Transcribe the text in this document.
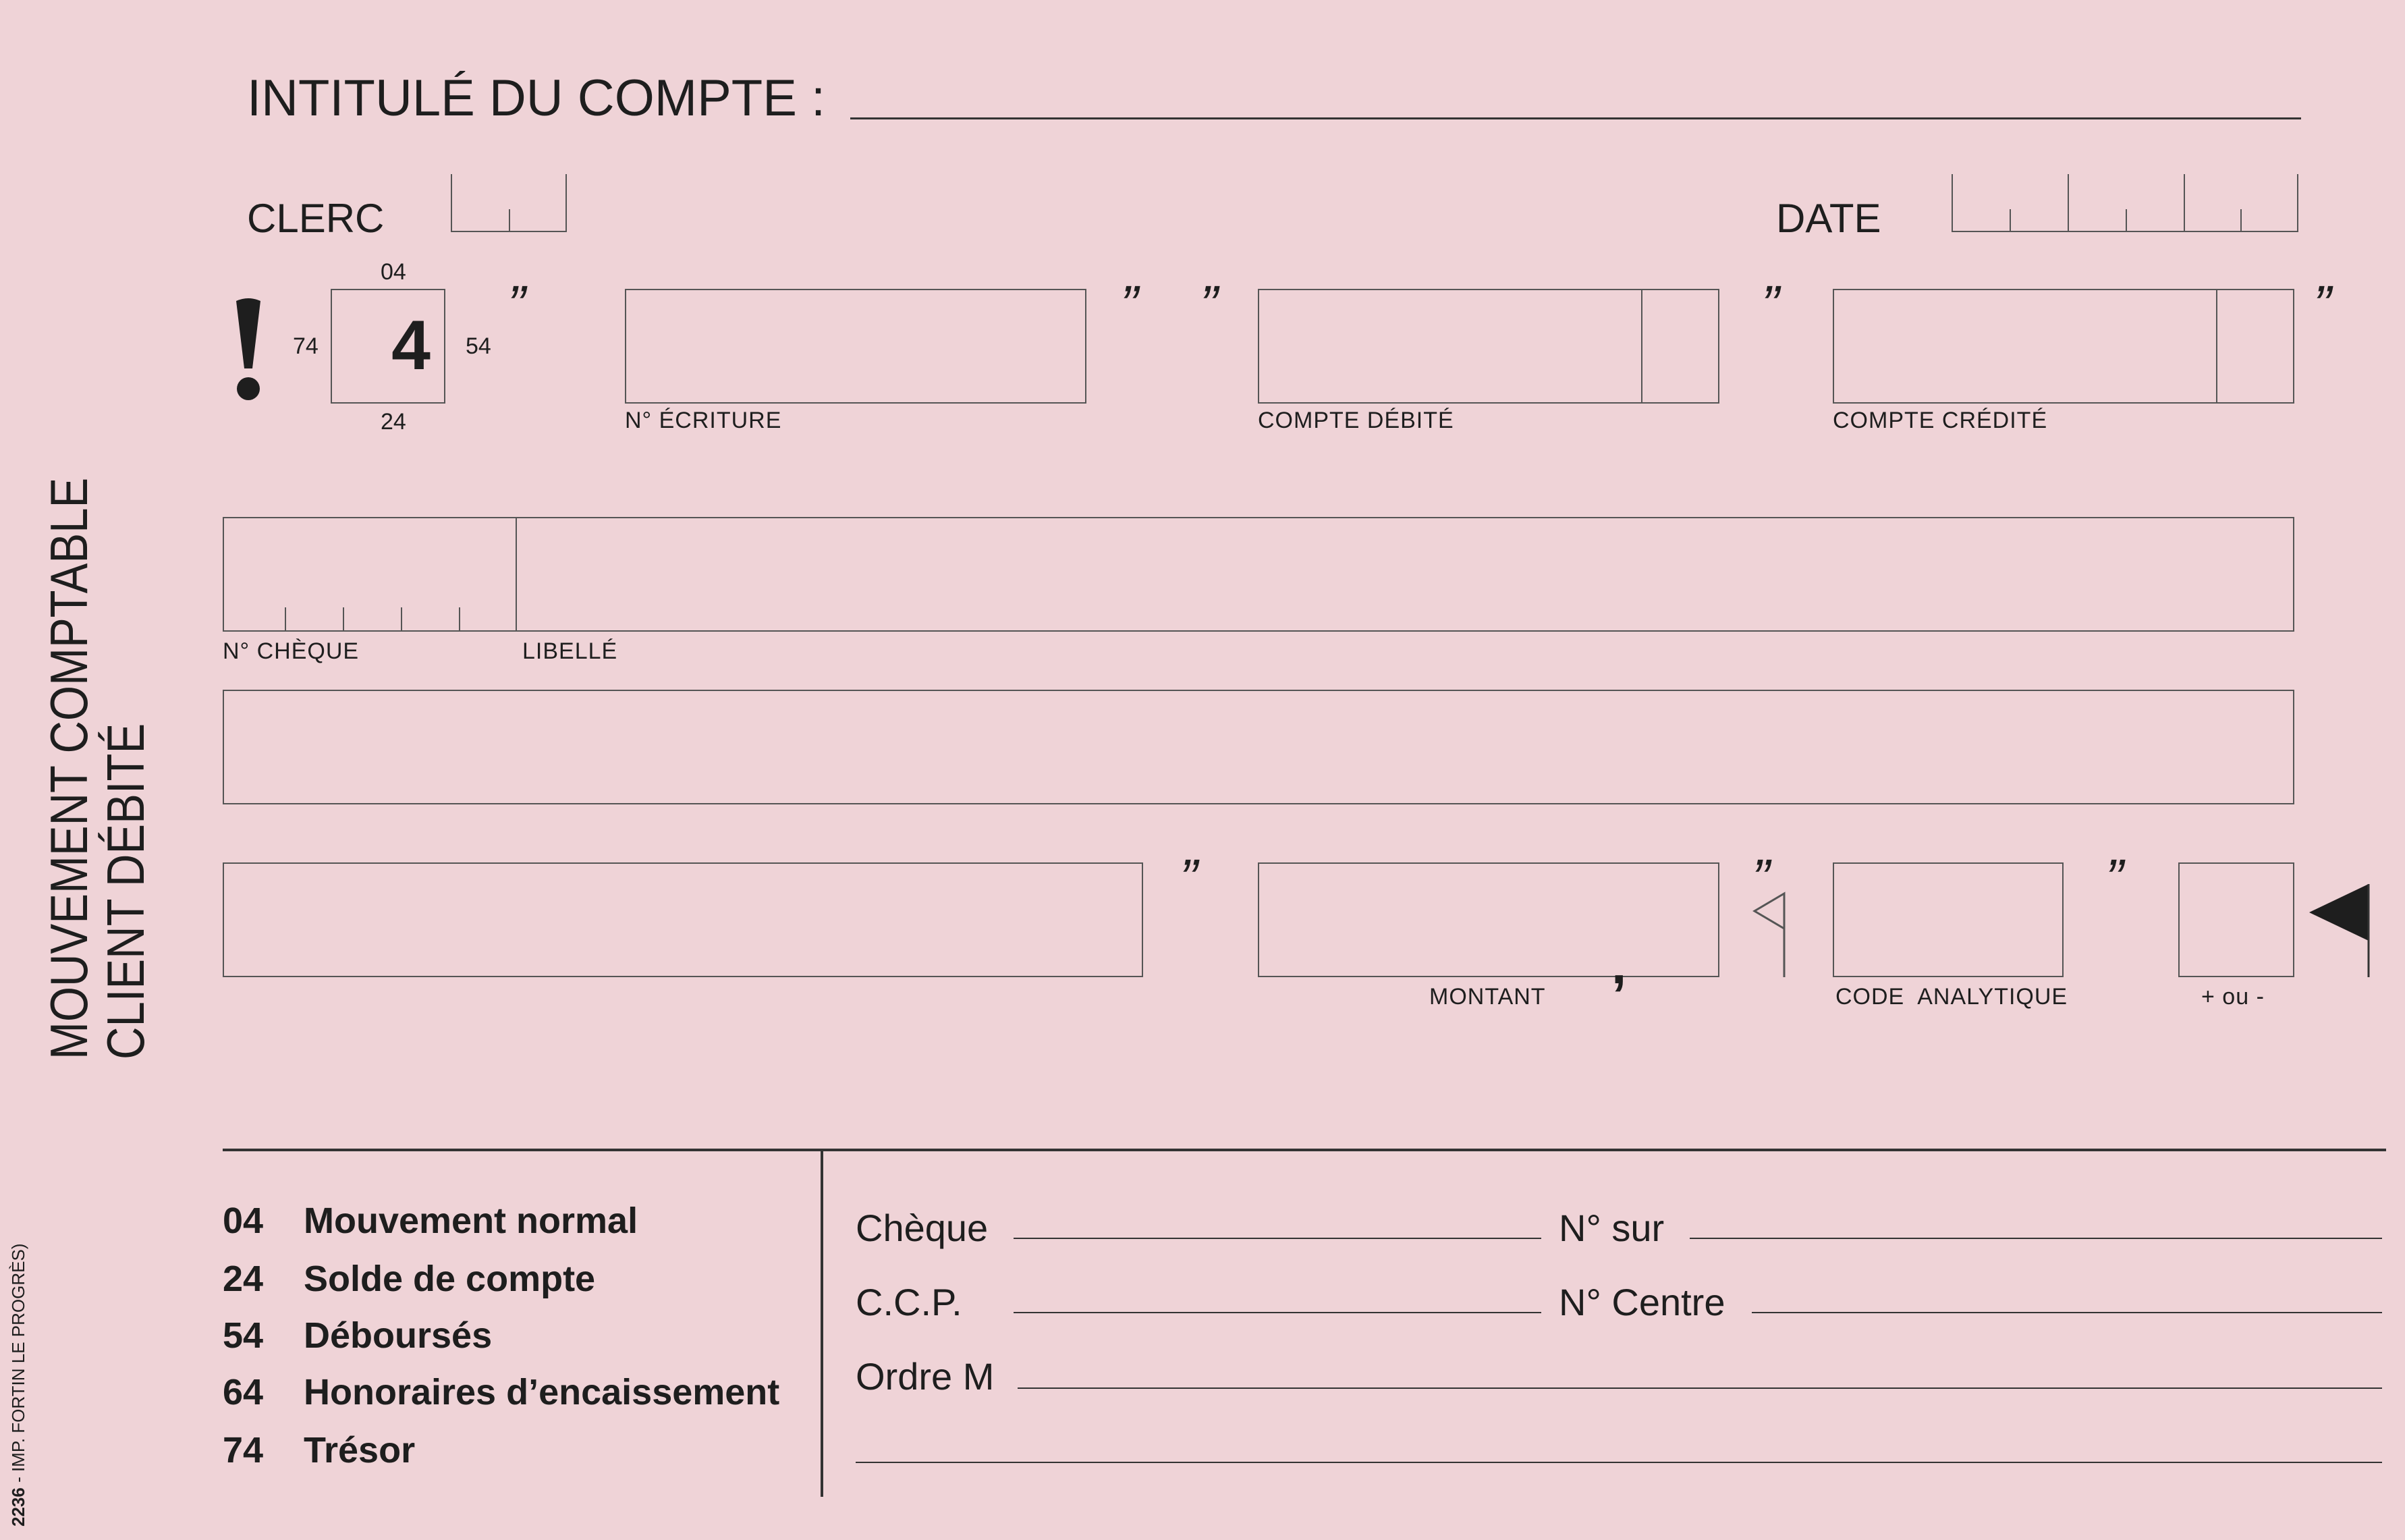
INTITULÉ DU COMPTE :
CLERC	DATE
04
74 4 54
24
”	” ”	”	”
N° ÉCRITURE	COMPTE DÉBITÉ	COMPTE CRÉDITÉ
N° CHÈQUE	LIBELLÉ
”
,
MONTANT
”
CODE  ANALYTIQUE
”
+ ou -
MOUVEMENT COMPTABLE
CLIENT DÉBITÉ
2236 - IMP. FORTIN LE PROGRÈS)
04 Mouvement normal
24 Solde de compte
54 Déboursés
64 Honoraires d’encaissement
74 Trésor
Chèque	N° sur
C.C.P.	N° Centre
Ordre M
